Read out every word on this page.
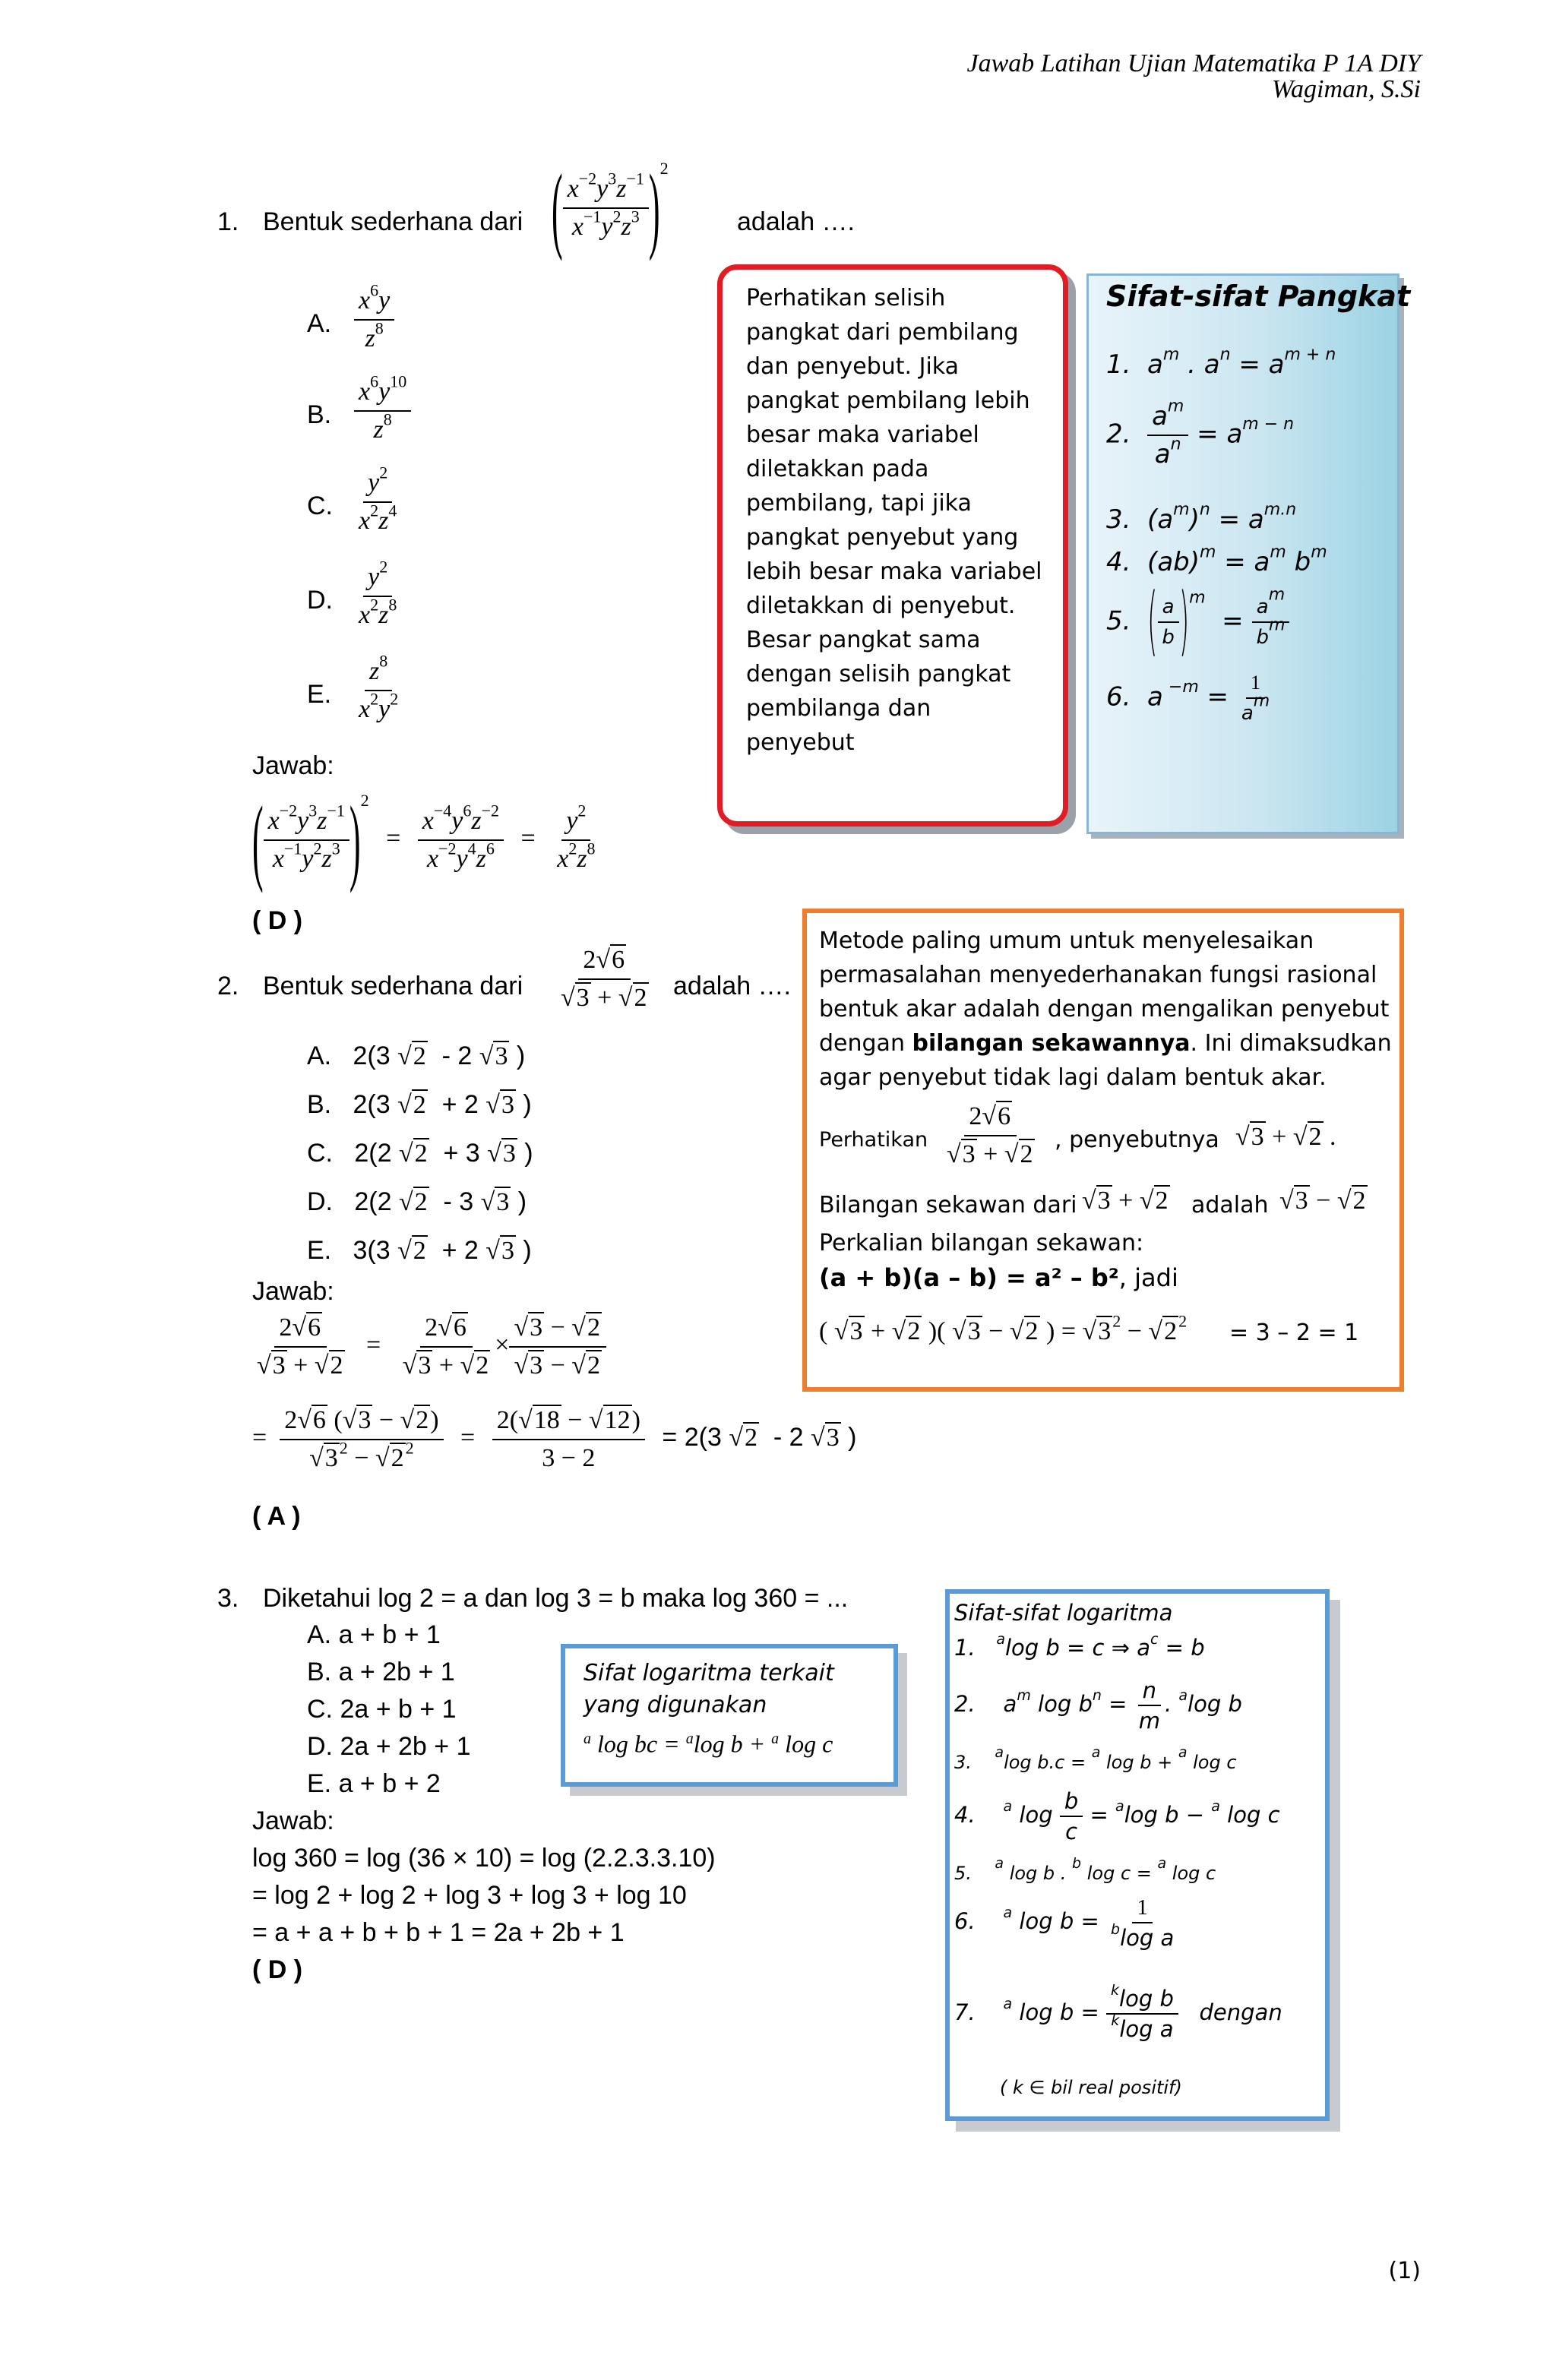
Jawab Latihan Ujian Matematika P 1A DIY
Wagiman, S.Si
1. Bentuk sederhana dari ( $\frac{x^{-2}y^3z^{-1}}{x^{-1}y^2z^3} )^2$
adalah ….
A. $\frac{x^6y}{z^8}$
B. $\frac{x^6y^{10}}{z^8}$
C. $\frac{y^2}{x^2z^4}$
D. $\frac{y^2}{x^2z^8}$
E. $\frac{z^8}{x^2y^2}$
Jawab:
( $\frac{x^{-2}y^3z^{-1}}{x^{-1}y^2z^3} )^2 = \frac{x^{-4}y^6z^{-2}}{x^{-2}y^4z^6} = \frac{y^2}{x^2z^8}$
( D )
Perhatikan selisih pangkat dari pembilang dan penyebut. Jika pangkat pembilang lebih besar maka variabel diletakkan pada pembilang, tapi jika pangkat penyebut yang lebih besar maka variabel diletakkan di penyebut. Besar pangkat sama dengan selisih pangkat pembilanga dan penyebut
Sifat-sifat Pangkat
1.  $a^m$ . $a^n = a^{m + n}$
2. $\frac{a^m}{a^n} = a^{m - n}$
3.  $(a^m)^n = a^{m.n}$
4.  $(ab)^m = a^m$ $b^m$
5.  ( $\frac{a}{b} )^m = \frac{a^m}{b^m}$
6.  a $^{-m} = \frac{1}{a^m}$
2. Bentuk sederhana dari $\frac{2√6}{√3 + √2}$ adalah ….
A.   2(3 √2  - 2 √3 )
B.   2(3 √2  + 2 √3 )
C.   2(2 √2  + 3 √3 )
D.   2(2 √2  - 3 √3 )
E.   3(3 √2  + 2 √3 )
Jawab:
$\frac{2√6}{√3 + √2} = \frac{2√6}{√3 + √2} \times \frac{√3 - √2}{√3 - √2}$
= $\frac{2√6 (√3 - √2)}{√3^2 - √2^2} = \frac{2(√18 - √12)}{3 - 2} = 2(3$ √2  - 2 √3 )
( A )
Metode paling umum untuk menyelesaikan
permasalahan menyederhanakan fungsi rasional
bentuk akar adalah dengan mengalikan penyebut
dengan bilangan sekawannya. Ini dimaksudkan
agar penyebut tidak lagi dalam bentuk akar.
Perhatikan $\frac{2√6}{√3 + √2}$ , penyebutnya √3 + √2 .
Bilangan sekawan dari √3 + √2 adalah √3 − √2
Perkalian bilangan sekawan:
(a + b)(a – b) = a² – b², jadi
( √3 + √2 )( √3 − √2 ) = $√3^2 - √2^2 = 3 - 2 = 1$
3. Diketahui log 2 = a dan log 3 = b maka log 360 = ...
A. a + b + 1
B. a + 2b + 1
C. 2a + b + 1
D. 2a + 2b + 1
E. a + b + 2
Jawab:
log 360 = log (36 × 10) = log (2.2.3.3.10)
= log 2 + log 2 + log 3 + log 3 + log 10
= a + a + b + b + 1 = 2a + 2b + 1
( D )
Sifat logaritma terkait
yang digunakan
$^a$ log bc = $^a$log b + $^a$ log c
Sifat-sifat logaritma
1.   $^a$log b = c ⇒ $a^c = b$
2.    $a^m$ $\log b^n = \frac{n}{m}$ . $^a$log b
3.    $^a$log b.c = $^a$ log b + $^a$ log c
4.    $^a$ $\log \frac{b}{c} = ^a\log$ b − $^a$ log c
5.    $^a$ log b . $^b$ log c = $^a$ log c
6.    $^a$ $\log b = \frac{1}{^b\log a}$
7.    $^a$ $\log b = \frac{^k\log b}{^k\log a}$ dengan
( k ∈ bil real positif)
(1)
